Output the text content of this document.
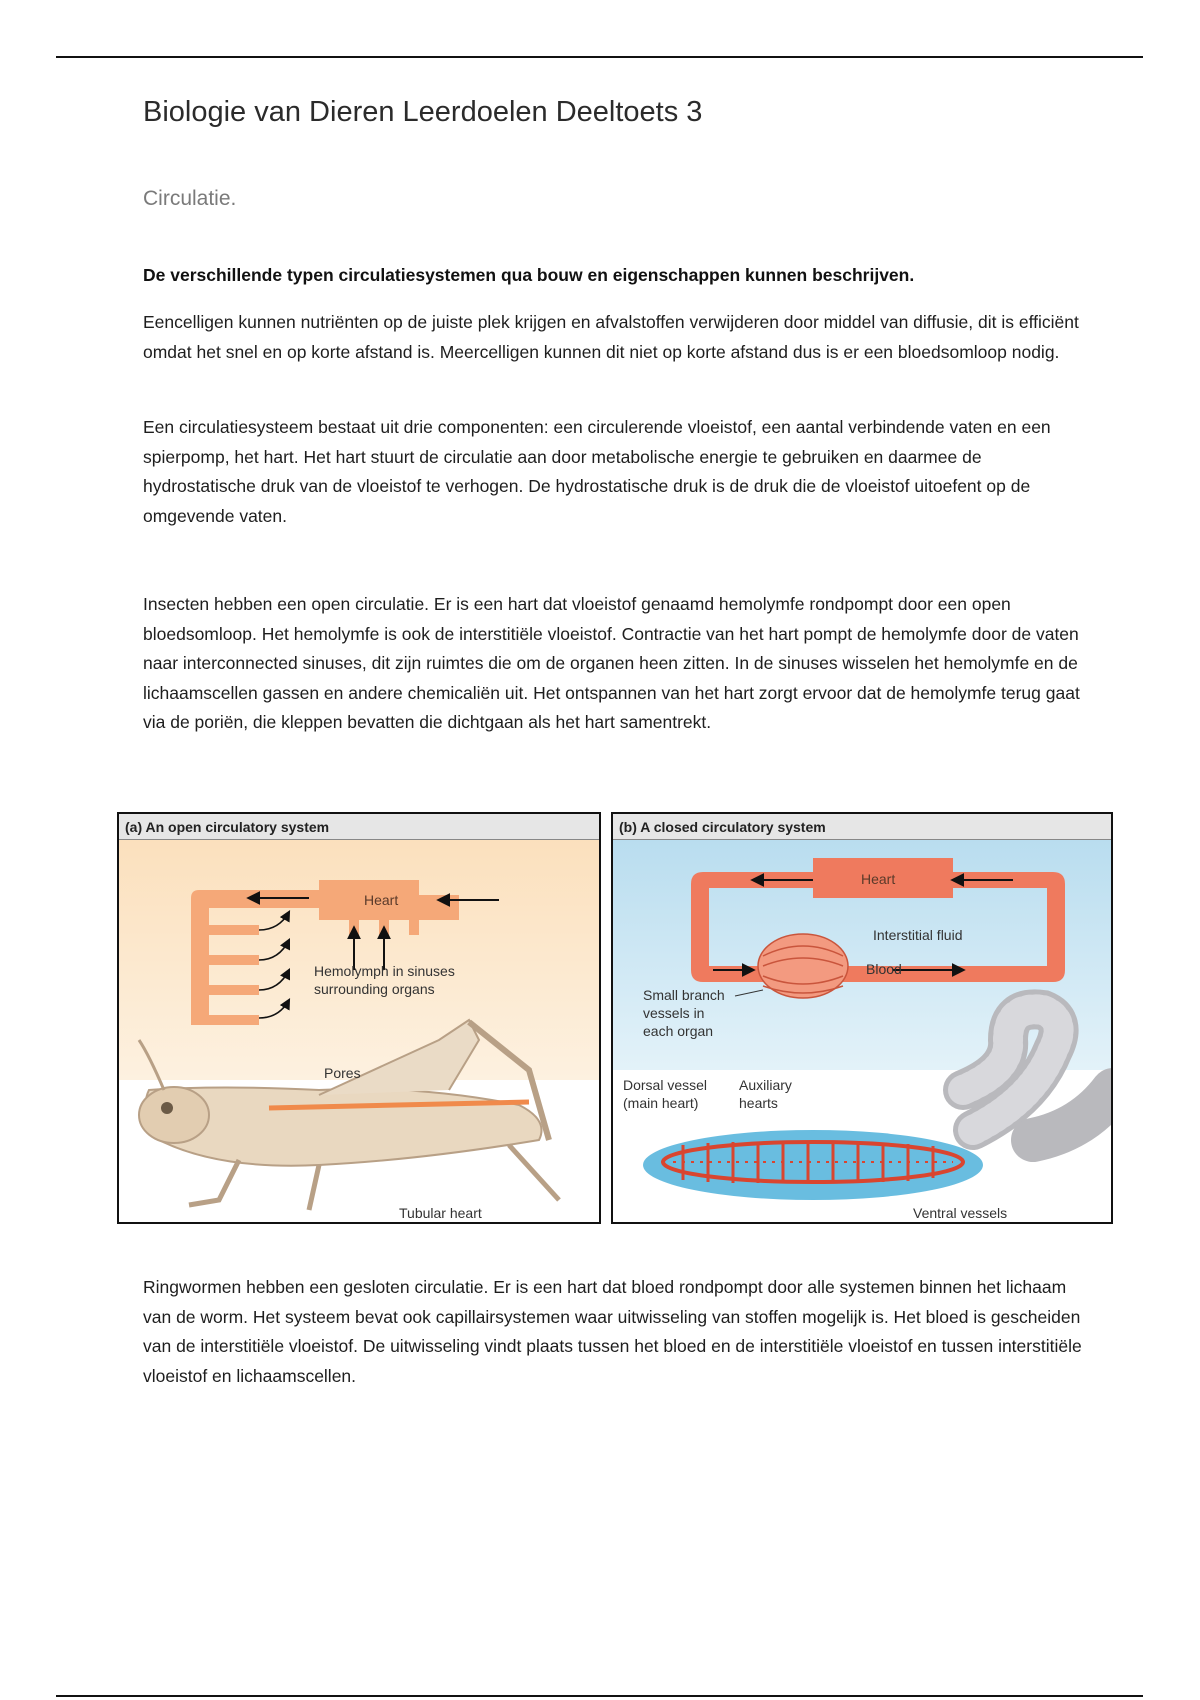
Biologie van Dieren Leerdoelen Deeltoets 3
Circulatie.
De verschillende typen circulatiesystemen qua bouw en eigenschappen kunnen beschrijven.

Eencelligen kunnen nutriënten op de juiste plek krijgen en afvalstoffen verwijderen door middel van diffusie, dit is efficiënt omdat het snel en op korte afstand is. Meercelligen kunnen dit niet op korte afstand dus is er een bloedsomloop nodig.

Een circulatiesysteem bestaat uit drie componenten: een circulerende vloeistof, een aantal verbindende vaten en een spierpomp, het hart. Het hart stuurt de circulatie aan door metabolische energie te gebruiken en daarmee de hydrostatische druk van de vloeistof te verhogen. De hydrostatische druk is de druk die de vloeistof uitoefent op de omgevende vaten.

Insecten hebben een open circulatie. Er is een hart dat vloeistof genaamd hemolymfe rondpompt door een open bloedsomloop. Het hemolymfe is ook de interstitiële vloeistof. Contractie van het hart pompt de hemolymfe door de vaten naar interconnected sinuses, dit zijn ruimtes die om de organen heen zitten. In de sinuses wisselen het hemolymfe en de lichaamscellen gassen en andere chemicaliën uit. Het ontspannen van het hart zorgt ervoor dat de hemolymfe terug gaat via de poriën, die kleppen bevatten die dichtgaan als het hart samentrekt.

(a) An open circulatory system
Heart
Hemolymph in sinuses
surrounding organs
Pores
Tubular heart
(b) A closed circulatory system
Heart
Interstitial fluid
Blood
Small branch
vessels in
each organ
Dorsal vessel
(main heart)
Auxiliary
hearts
Ventral vessels

Ringwormen hebben een gesloten circulatie. Er is een hart dat bloed rondpompt door alle systemen binnen het lichaam van de worm. Het systeem bevat ook capillairsystemen waar uitwisseling van stoffen mogelijk is. Het bloed is gescheiden van de interstitiële vloeistof. De uitwisseling vindt plaats tussen het bloed en de interstitiële vloeistof en tussen interstitiële vloeistof en lichaamscellen.
